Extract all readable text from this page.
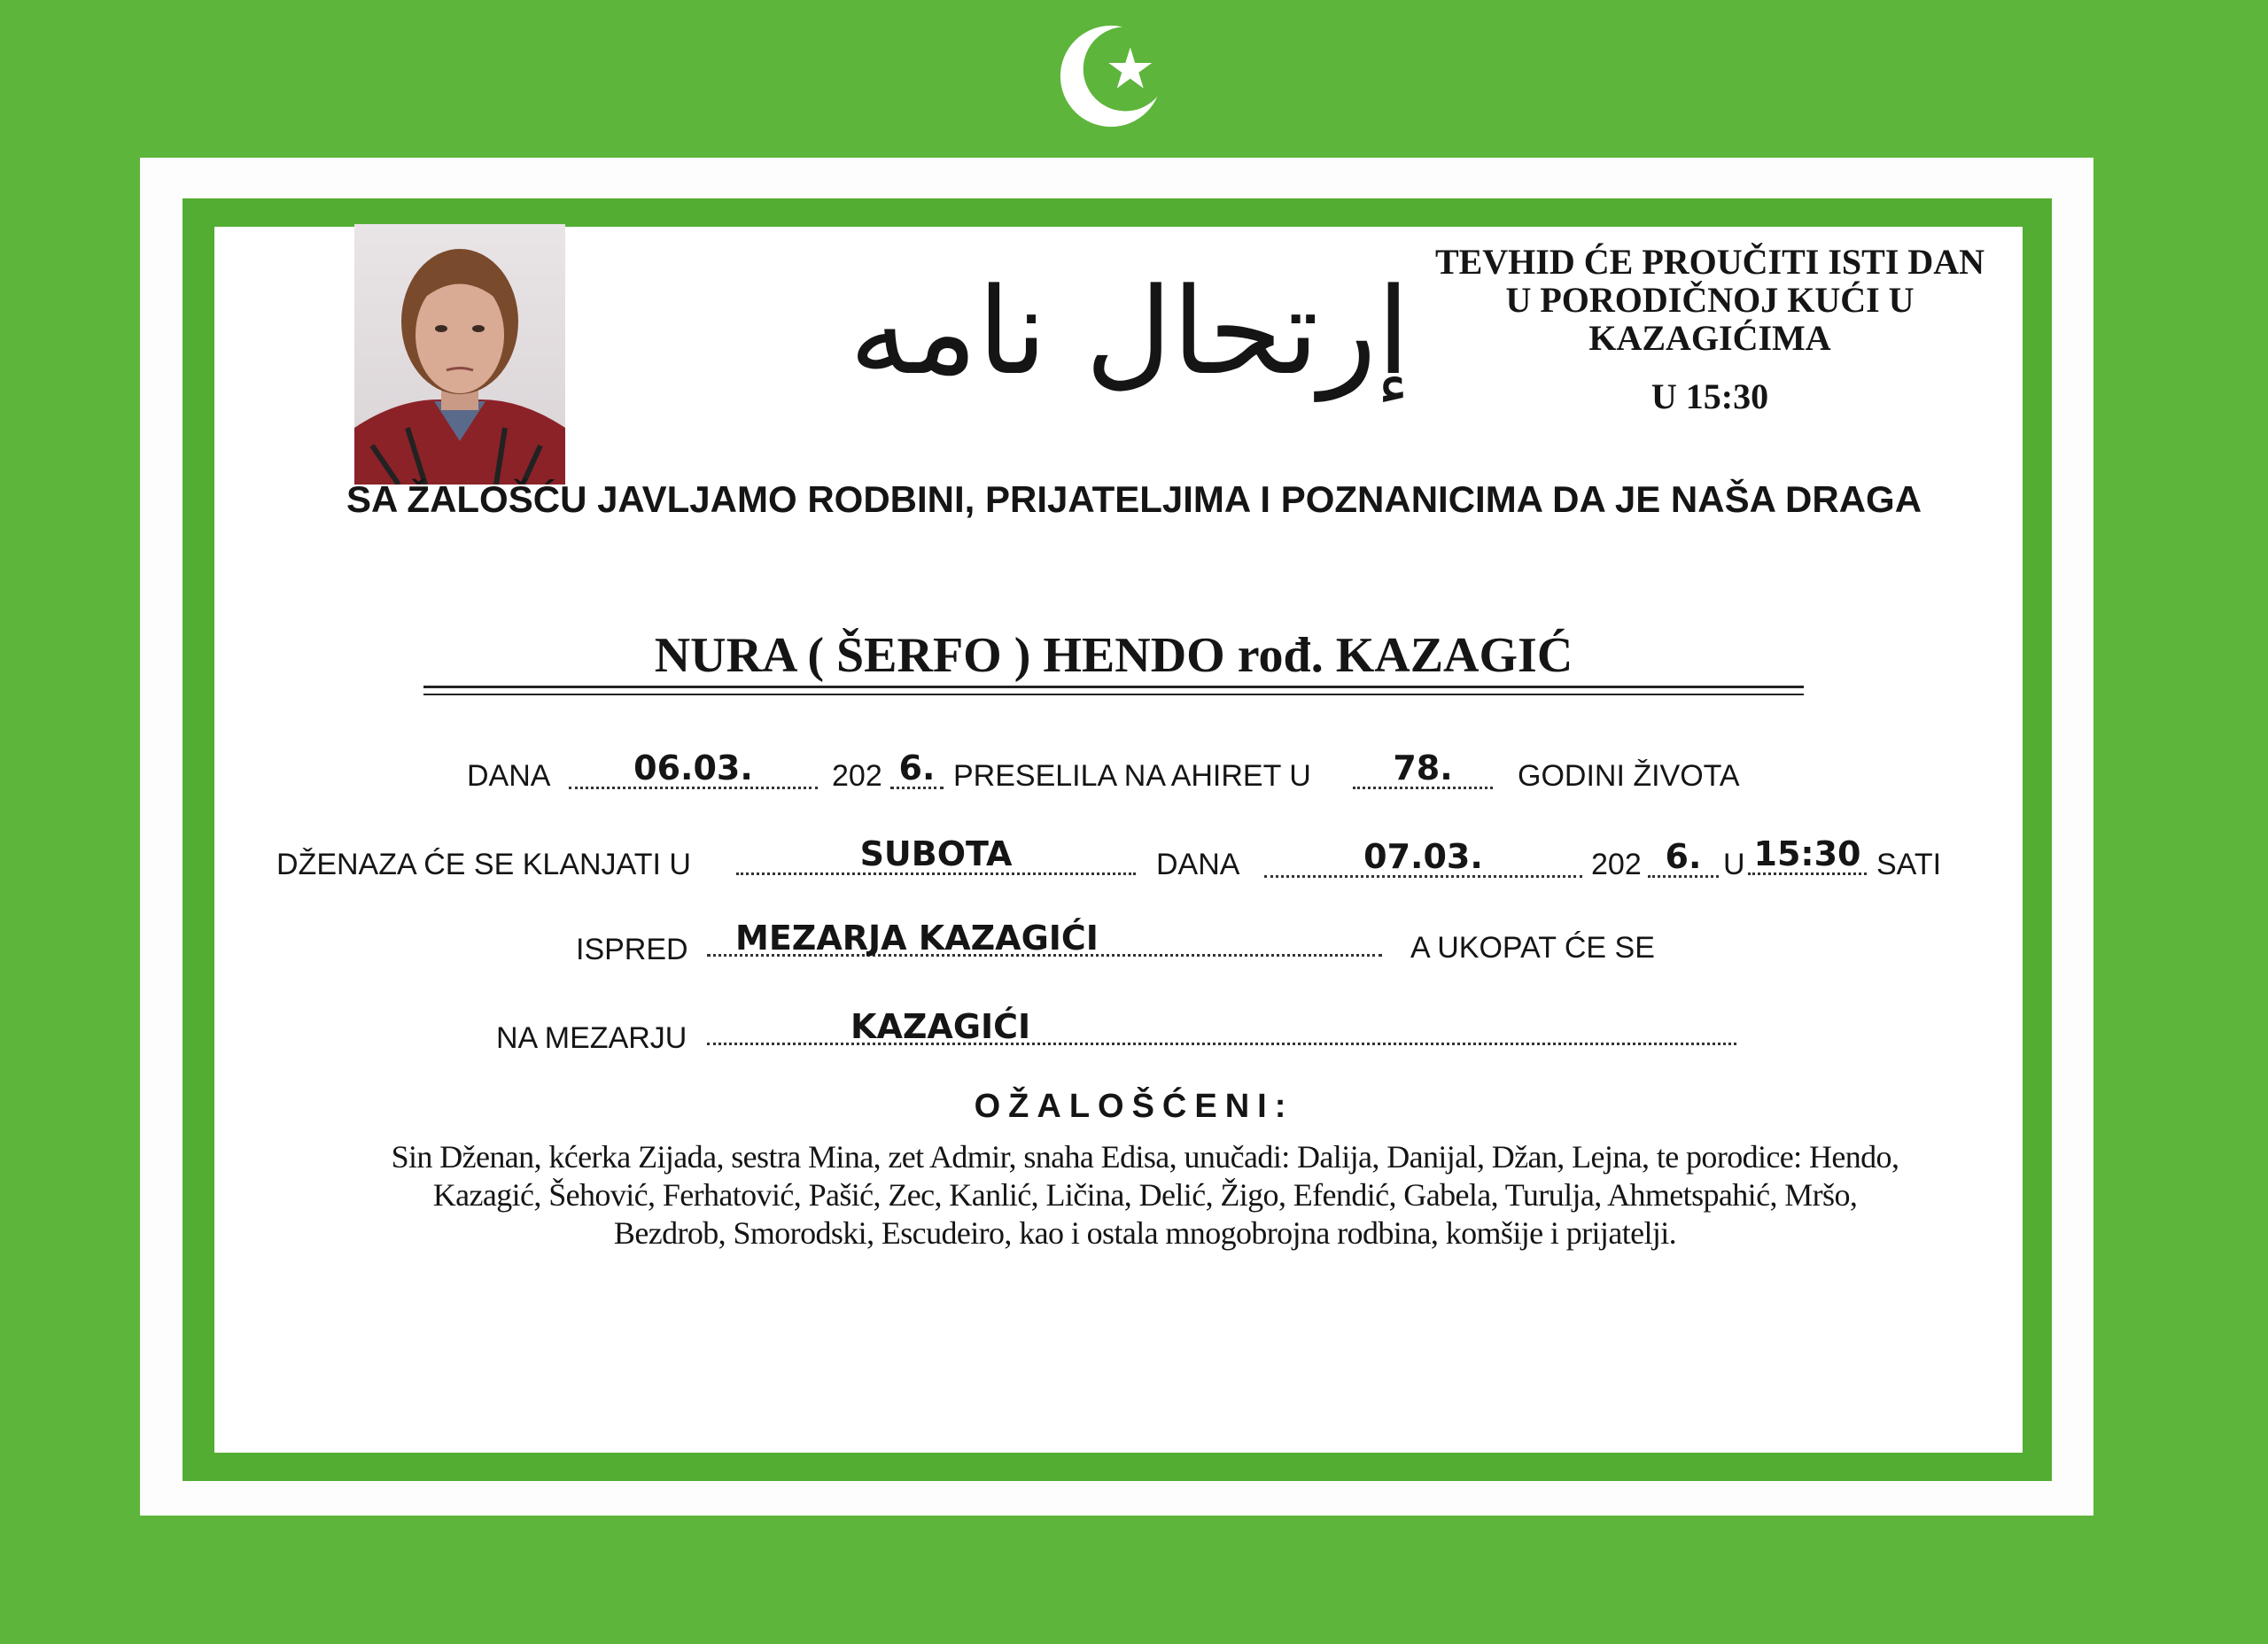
إرتحال نامه
TEVHID ĆE PROUČITI ISTI DAN
U PORODIČNOJ KUĆI U
KAZAGIĆIMA
U 15:30
SA ŽALOŠĆU JAVLJAMO RODBINI, PRIJATELJIMA I POZNANICIMA DA JE NAŠA DRAGA
NURA ( ŠERFO ) HENDO rođ. KAZAGIĆ
DANA	06.03.	202 6. PRESELILA NA AHIRET U	78.	GODINI ŽIVOTA
DŽENAZA ĆE SE KLANJATI U	SUBOTA	DANA	07.03.	202 6. U 15:30 SATI
ISPRED	MEZARJA KAZAGIĆI	A UKOPAT ĆE SE
NA MEZARJU	KAZAGIĆI
OŽALOŠĆENI:
Sin Dženan, kćerka Zijada, sestra Mina, zet Admir, snaha Edisa, unučadi: Dalija, Danijal, Džan, Lejna, te porodice: Hendo,
Kazagić, Šehović, Ferhatović, Pašić, Zec, Kanlić, Ličina, Delić, Žigo, Efendić, Gabela, Turulja, Ahmetspahić, Mršo,
Bezdrob, Smorodski, Escudeiro, kao i ostala mnogobrojna rodbina, komšije i prijatelji.
